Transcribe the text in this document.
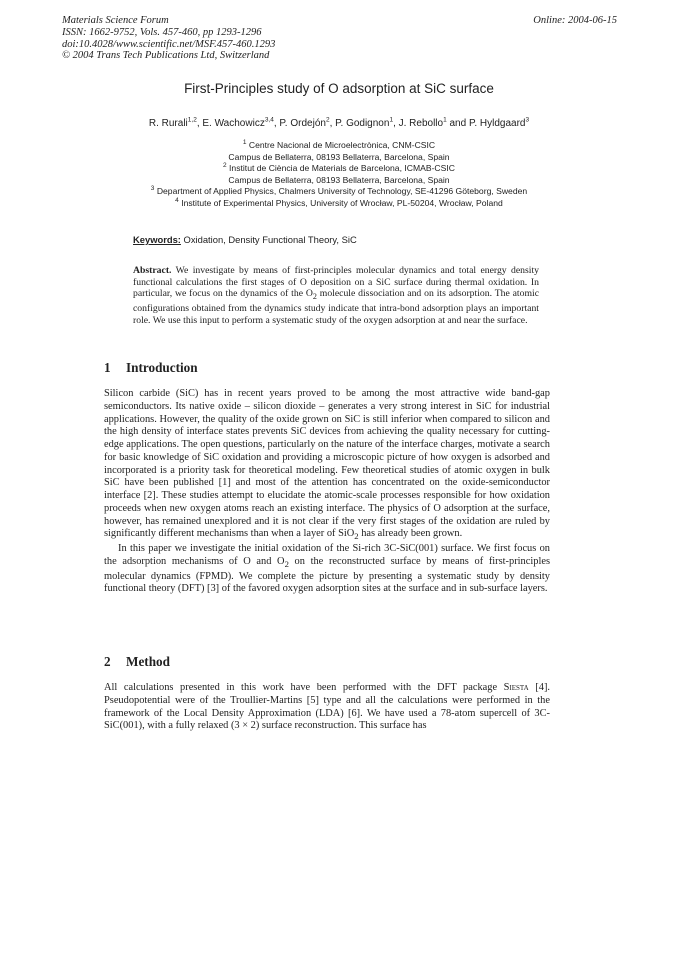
Materials Science Forum
ISSN: 1662-9752, Vols. 457-460, pp 1293-1296
doi:10.4028/www.scientific.net/MSF.457-460.1293
© 2004 Trans Tech Publications Ltd, Switzerland
Online: 2004-06-15
First-Principles study of O adsorption at SiC surface
R. Rurali$^{1,2}$, E. Wachowicz$^{3,4}$, P. Ordejón$^2$, P. Godignon$^1$, J. Rebollo$^1$ and P. Hyldgaard$^3$
$^1$ Centre Nacional de Microelectrònica, CNM-CSIC
Campus de Bellaterra, 08193 Bellaterra, Barcelona, Spain
$^2$ Institut de Ciència de Materials de Barcelona, ICMAB-CSIC
Campus de Bellaterra, 08193 Bellaterra, Barcelona, Spain
$^3$ Department of Applied Physics, Chalmers University of Technology, SE-41296 Göteborg, Sweden
$^4$ Institute of Experimental Physics, University of Wrocław, PL-50204, Wrocław, Poland
Keywords: Oxidation, Density Functional Theory, SiC
Abstract. We investigate by means of first-principles molecular dynamics and total energy density functional calculations the first stages of O deposition on a SiC surface during thermal oxidation. In particular, we focus on the dynamics of the $O_2$ molecule dissociation and on its adsorption. The atomic configurations obtained from the dynamics study indicate that intra-bond adsorption plays an important role. We use this input to perform a systematic study of the oxygen adsorption at and near the surface.
1 Introduction

Silicon carbide (SiC) has in recent years proved to be among the most attractive wide band-gap semiconductors. Its native oxide – silicon dioxide – generates a very strong interest in SiC for industrial applications. However, the quality of the oxide grown on SiC is still inferior when compared to silicon and the high density of interface states prevents SiC devices from achieving the quality necessary for cutting-edge applications. The open questions, particularly on the nature of the interface charges, motivate a search for basic knowledge of SiC oxidation and providing a microscopic picture of how oxygen is adsorbed and incorporated is a priority task for theoretical modeling. Few theoretical studies of atomic oxygen in bulk SiC have been published [1] and most of the attention has concentrated on the oxide-semiconductor interface [2]. These studies attempt to elucidate the atomic-scale processes responsible for how oxidation proceeds when new oxygen atoms reach an existing interface. The physics of O adsorption at the surface, however, has remained unexplored and it is not clear if the very first stages of the oxidation are ruled by significantly different mechanisms than when a layer of SiO$_2$ has already been grown.

In this paper we investigate the initial oxidation of the Si-rich 3C-SiC(001) surface. We first focus on the adsorption mechanisms of O and $O_2$ on the reconstructed surface by means of first-principles molecular dynamics (FPMD). We complete the picture by presenting a systematic study by density functional theory (DFT) [3] of the favored oxygen adsorption sites at the surface and in sub-surface layers.

2 Method

All calculations presented in this work have been performed with the DFT package Siesta [4]. Pseudopotential were of the Troullier-Martins [5] type and all the calculations were performed in the framework of the Local Density Approximation (LDA) [6]. We have used a 78-atom supercell of 3C-SiC(001), with a fully relaxed (3 × 2) surface reconstruction. This surface has
